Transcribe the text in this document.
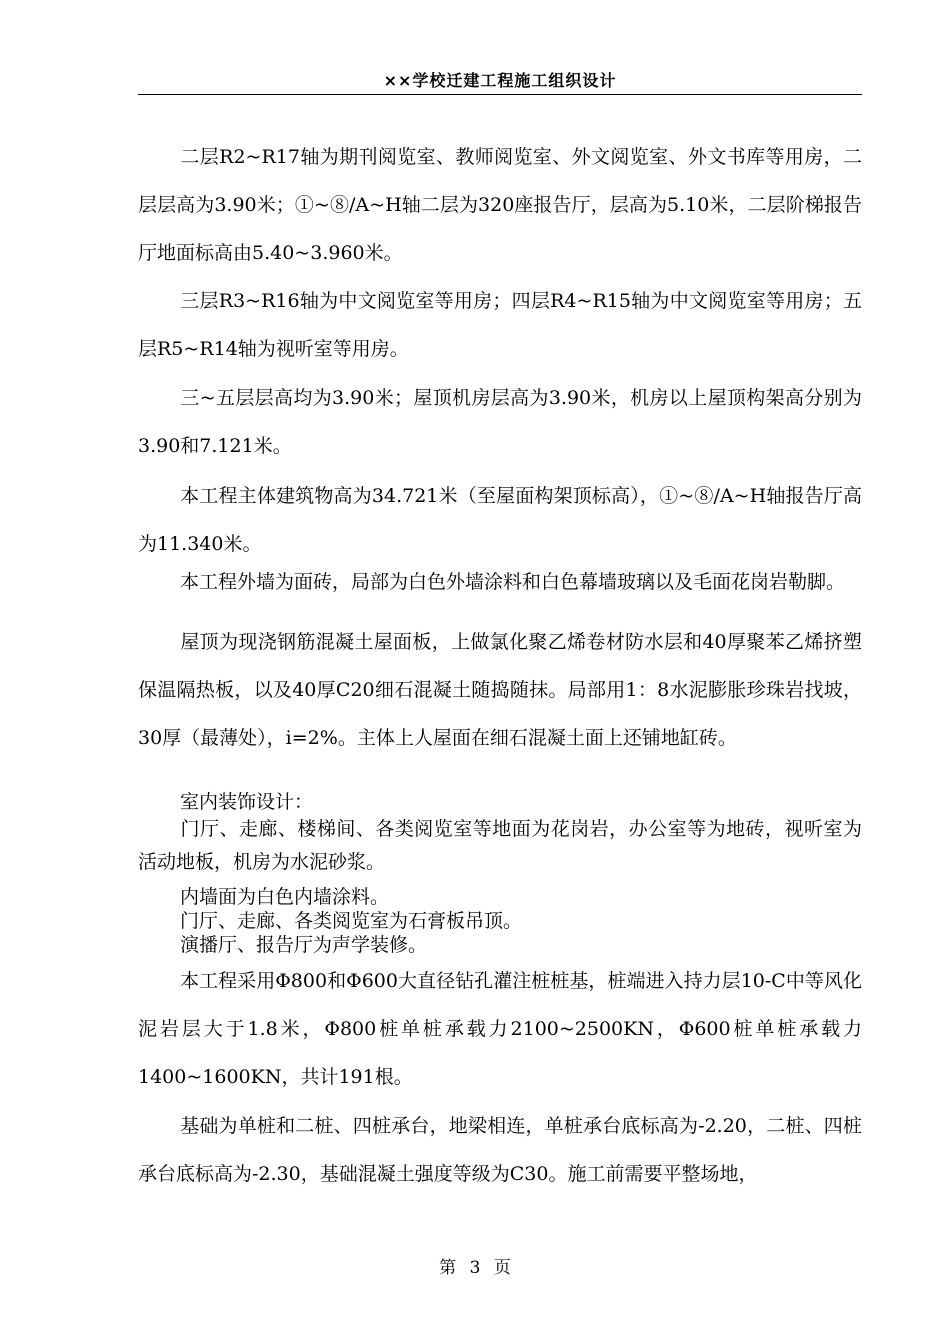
××学校迁建工程施工组织设计

二层R2~R17轴为期刊阅览室、教师阅览室、外文阅览室、外文书库等用房，二层层高为3.90米；①~⑧/A~H轴二层为320座报告厅，层高为5.10米，二层阶梯报告厅地面标高由5.40~3.960米。

三层R3~R16轴为中文阅览室等用房；四层R4~R15轴为中文阅览室等用房；五层R5~R14轴为视听室等用房。

三~五层层高均为3.90米；屋顶机房层高为3.90米，机房以上屋顶构架高分别为3.90和7.121米。

本工程主体建筑物高为34.721米（至屋面构架顶标高），①~⑧/A~H轴报告厅高为11.340米。

本工程外墙为面砖，局部为白色外墙涂料和白色幕墙玻璃以及毛面花岗岩勒脚。

屋顶为现浇钢筋混凝土屋面板，上做氯化聚乙烯卷材防水层和40厚聚苯乙烯挤塑保温隔热板，以及40厚C20细石混凝土随捣随抹。局部用1：8水泥膨胀珍珠岩找坡，30厚（最薄处），i=2%。主体上人屋面在细石混凝土面上还铺地缸砖。

室内装饰设计：

门厅、走廊、楼梯间、各类阅览室等地面为花岗岩，办公室等为地砖，视听室为活动地板，机房为水泥砂浆。

内墙面为白色内墙涂料。

门厅、走廊、各类阅览室为石膏板吊顶。

演播厅、报告厅为声学装修。

本工程采用Φ800和Φ600大直径钻孔灌注桩桩基，桩端进入持力层10-C中等风化泥岩层大于1.8米，Φ800桩单桩承载力2100~2500KN，Φ600桩单桩承载力1400~1600KN，共计191根。

基础为单桩和二桩、四桩承台，地梁相连，单桩承台底标高为-2.20，二桩、四桩承台底标高为-2.30，基础混凝土强度等级为C30。施工前需要平整场地，

第 3 页
